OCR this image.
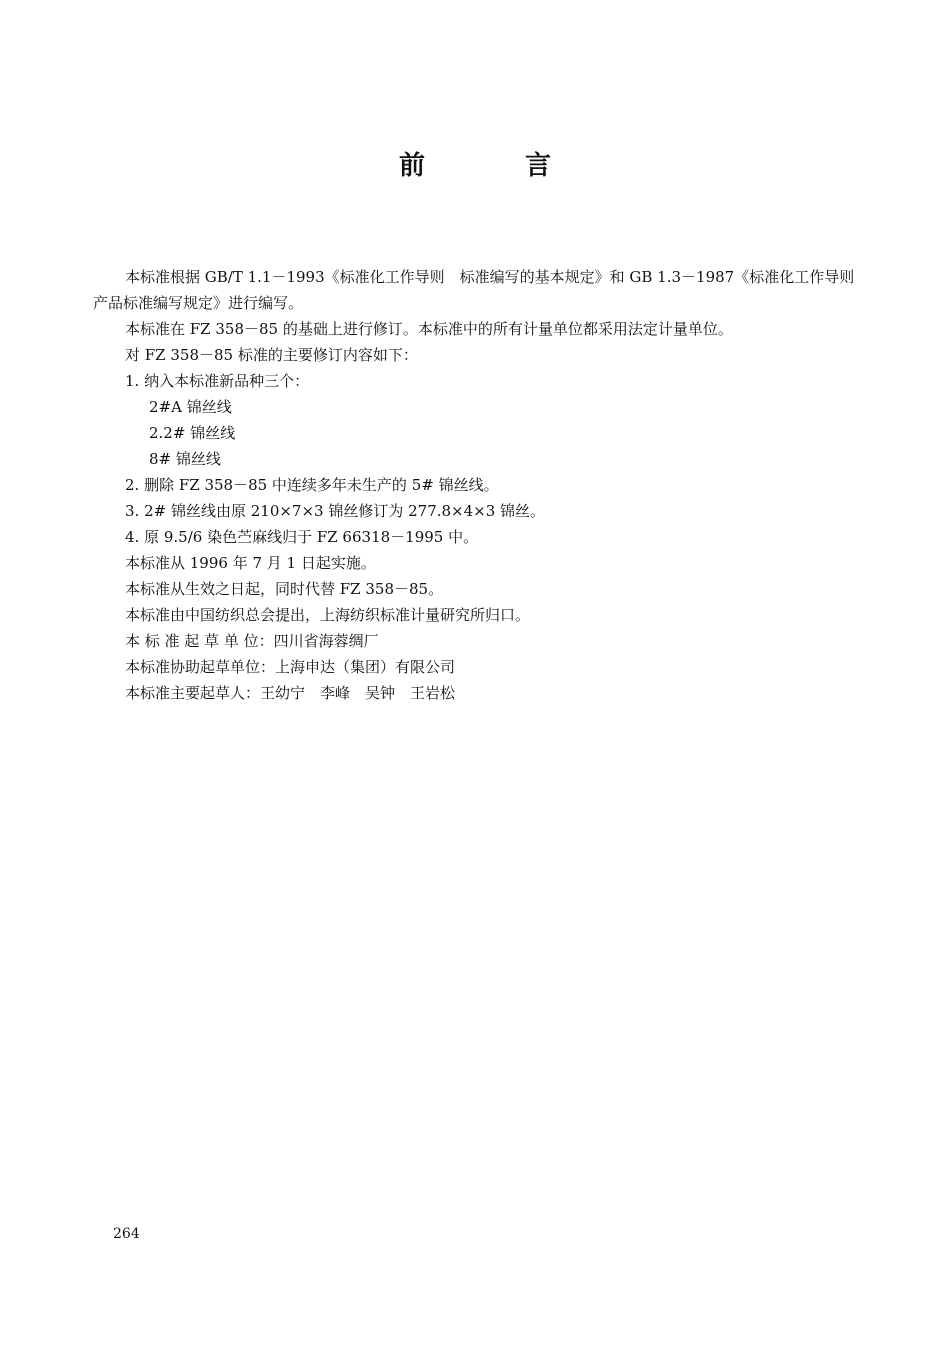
前言

本标准根据 GB/T 1.1－1993《标准化工作导则　标准编写的基本规定》和 GB 1.3－1987《标准化工作导则　产品标准编写规定》进行编写。

本标准在 FZ 358－85 的基础上进行修订。本标准中的所有计量单位都采用法定计量单位。

对 FZ 358－85 标准的主要修订内容如下：

1. 纳入本标准新品种三个：

2#A 锦丝线

2.2# 锦丝线

8# 锦丝线

2. 删除 FZ 358－85 中连续多年未生产的 5# 锦丝线。

3. 2# 锦丝线由原 210×7×3 锦丝修订为 277.8×4×3 锦丝。

4. 原 9.5/6 染色苎麻线归于 FZ 66318－1995 中。

本标准从 1996 年 7 月 1 日起实施。

本标准从生效之日起，同时代替 FZ 358－85。

本标准由中国纺织总会提出，上海纺织标准计量研究所归口。

本 标 准 起 草 单 位：四川省海蓉绸厂

本标准协助起草单位：上海申达（集团）有限公司

本标准主要起草人：王幼宁　李峰　吴钟　王岩松

264
